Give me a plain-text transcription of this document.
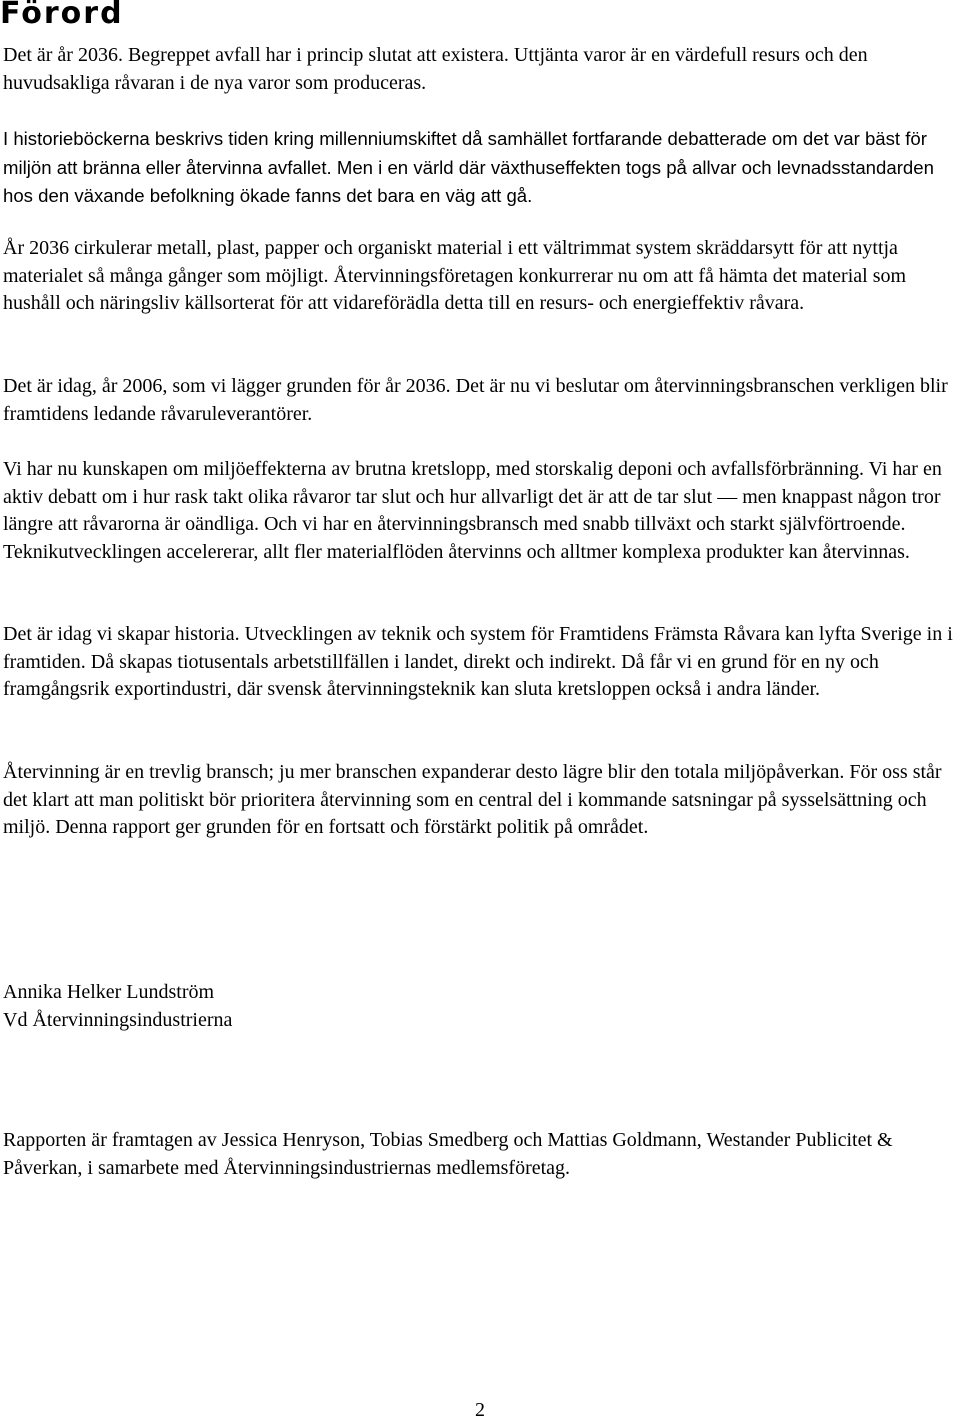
Förord

Det är år 2036. Begreppet avfall har i princip slutat att existera. Uttjänta varor är en värdefull resurs och den huvudsakliga råvaran i de nya varor som produceras.

I historieböckerna beskrivs tiden kring millenniumskiftet då samhället fortfarande debatterade om det var bäst för miljön att bränna eller återvinna avfallet. Men i en värld där växthuseffekten togs på allvar och levnadsstandarden hos den växande befolkning ökade fanns det bara en väg att gå.

År 2036 cirkulerar metall, plast, papper och organiskt material i ett vältrimmat system skräddarsytt för att nyttja materialet så många gånger som möjligt. Återvinningsföretagen konkurrerar nu om att få hämta det material som hushåll och näringsliv källsorterat för att vidareförädla detta till en resurs- och energieffektiv råvara.

Det är idag, år 2006, som vi lägger grunden för år 2036. Det är nu vi beslutar om återvinningsbranschen verkligen blir framtidens ledande råvaruleverantörer.

Vi har nu kunskapen om miljöeffekterna av brutna kretslopp, med storskalig deponi och avfallsförbränning. Vi har en aktiv debatt om i hur rask takt olika råvaror tar slut och hur allvarligt det är att de tar slut — men knappast någon tror längre att råvarorna är oändliga. Och vi har en återvinningsbransch med snabb tillväxt och starkt självförtroende. Teknikutvecklingen accelererar, allt fler materialflöden återvinns och alltmer komplexa produkter kan återvinnas.

Det är idag vi skapar historia. Utvecklingen av teknik och system för Framtidens Främsta Råvara kan lyfta Sverige in i framtiden. Då skapas tiotusentals arbetstillfällen i landet, direkt och indirekt. Då får vi en grund för en ny och framgångsrik exportindustri, där svensk återvinningsteknik kan sluta kretsloppen också i andra länder.

Återvinning är en trevlig bransch; ju mer branschen expanderar desto lägre blir den totala miljöpåverkan. För oss står det klart att man politiskt bör prioritera återvinning som en central del i kommande satsningar på sysselsättning och miljö. Denna rapport ger grunden för en fortsatt och förstärkt politik på området.

Annika Helker Lundström
Vd Återvinningsindustrierna

Rapporten är framtagen av Jessica Henryson, Tobias Smedberg och Mattias Goldmann, Westander Publicitet & Påverkan, i samarbete med Återvinningsindustriernas medlemsföretag.

2
